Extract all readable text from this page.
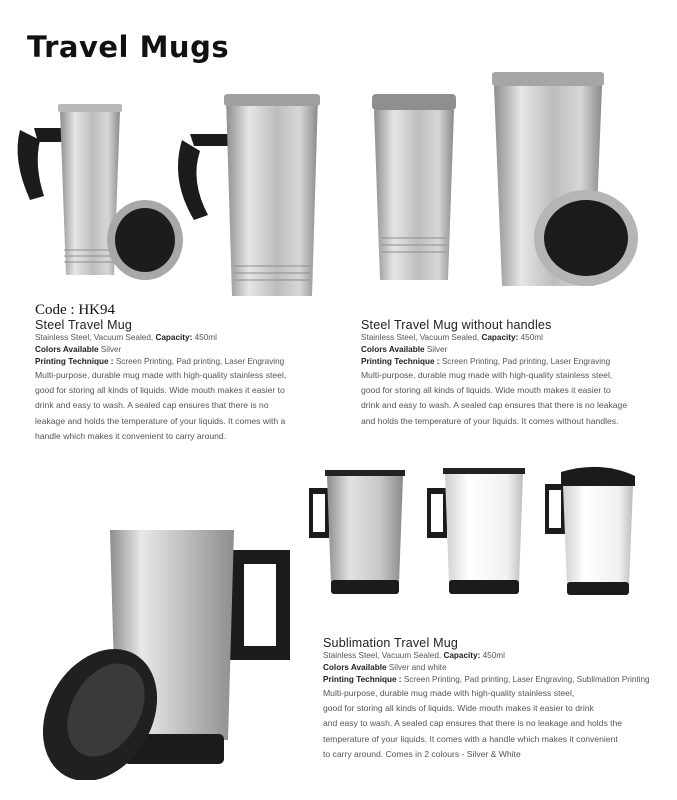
Travel Mugs
Code : HK94
Steel Travel Mug
Stainless Steel, Vacuum Sealed, Capacity: 450ml
Colors Available Silver
Printing Technique : Screen Printing, Pad printing, Laser Engraving
Multi-purpose, durable mug made with high-quality stainless steel,
good for storing all kinds of liquids. Wide mouth makes it easier to
drink and easy to wash. A sealed cap ensures that there is no
leakage and holds the temperature of your liquids. It comes with a
handle which makes it convenient to carry around.
Steel Travel Mug without handles
Stainless Steel, Vacuum Sealed, Capacity: 450ml
Colors Available Silver
Printing Technique : Screen Printing, Pad printing, Laser Engraving
Multi-purpose, durable mug made with high-quality stainless steel,
good for storing all kinds of liquids. Wide mouth makes it easier to
drink and easy to wash. A sealed cap ensures that there is no leakage
and holds the temperature of your liquids. It comes without handles.
Sublimation Travel Mug
Stainless Steel, Vacuum Sealed, Capacity: 450ml
Colors Available Silver and white
Printing Technique : Screen Printing, Pad printing, Laser Engraving, Sublimation Printing
Multi-purpose, durable mug made with high-quality stainless steel,
good for storing all kinds of liquids. Wide mouth makes it easier to drink
and easy to wash. A sealed cap ensures that there is no leakage and holds the
temperature of your liquids. It comes with a handle which makes it convenient
to carry around. Comes in 2 colours - Silver & White
